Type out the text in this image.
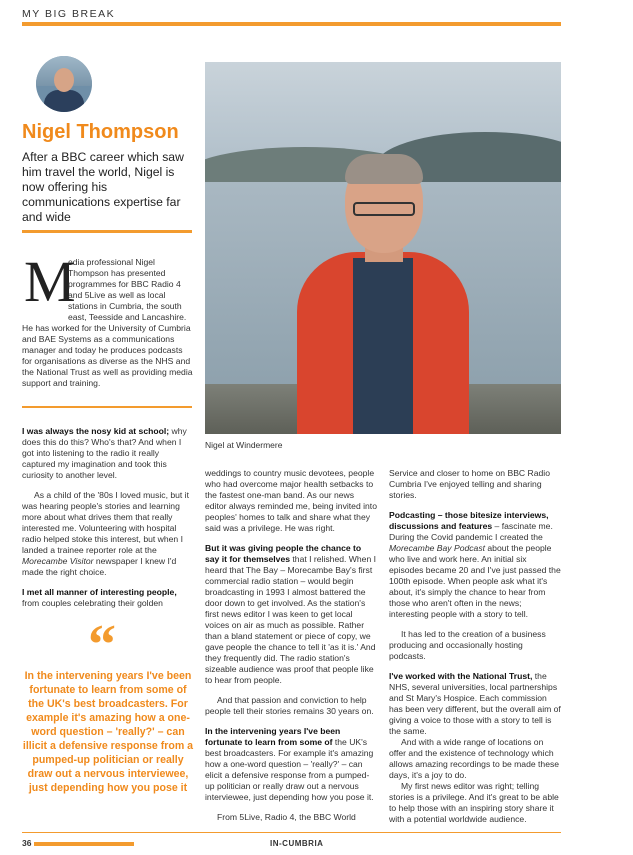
MY BIG BREAK
Nigel Thompson
After a BBC career which saw him travel the world, Nigel is now offering his communications expertise far and wide
M
edia professional Nigel Thompson has presented programmes for BBC Radio 4 and 5Live as well as local stations in Cumbria, the south east, Teesside and Lancashire. He has worked for the University of Cumbria and BAE Systems as a communications manager and today he produces podcasts for organisations as diverse as the NHS and the National Trust as well as providing media support and training.
Nigel at Windermere

I was always the nosy kid at school; why does this do this? Who's that? And when I got into listening to the radio it really captured my imagination and took this curiosity to another level.

As a child of the '80s I loved music, but it was hearing people's stories and learning more about what drives them that really interested me. Volunteering with hospital radio helped stoke this interest, but when I landed a trainee reporter role at the Morecambe Visitor newspaper I knew I'd made the right choice.

I met all manner of interesting people, from couples celebrating their golden

“
In the intervening years I've been fortunate to learn from some of the UK's best broadcasters. For example it's amazing how a one-word question – 'really?' – can illicit a defensive response from a pumped-up politician or really draw out a nervous interviewee, just depending how you pose it

weddings to country music devotees, people who had overcome major health setbacks to the fastest one-man band. As our news editor always reminded me, being invited into peoples' homes to talk and share what they said was a privilege. He was right.

But it was giving people the chance to say it for themselves that I relished. When I heard that The Bay – Morecambe Bay's first commercial radio station – would begin broadcasting in 1993 I almost battered the door down to get involved. As the station's first news editor I was keen to get local voices on air as much as possible. Rather than a bland statement or piece of copy, we gave people the chance to tell it 'as it is.' And they frequently did. The radio station's sizeable audience was proof that people like to hear from people.

And that passion and conviction to help people tell their stories remains 30 years on.

In the intervening years I've been fortunate to learn from some of the UK's best broadcasters. For example it's amazing how a one-word question – 'really?' – can elicit a defensive response from a pumped-up politician or really draw out a nervous interviewee, just depending how you pose it.

From 5Live, Radio 4, the BBC World

Service and closer to home on BBC Radio Cumbria I've enjoyed telling and sharing stories.

Podcasting – those bitesize interviews, discussions and features – fascinate me. During the Covid pandemic I created the Morecambe Bay Podcast about the people who live and work here. An initial six episodes became 20 and I've just passed the 100th episode. When people ask what it's about, it's simply the chance to hear from those who aren't often in the news; interesting people with a story to tell.

It has led to the creation of a business producing and occasionally hosting podcasts.

I've worked with the National Trust, the NHS, several universities, local partnerships and St Mary's Hospice. Each commission has been very different, but the overall aim of giving a voice to those with a story to tell is the same.

And with a wide range of locations on offer and the existence of technology which allows amazing recordings to be made these days, it's a joy to do.

My first news editor was right; telling stories is a privilege. And it's great to be able to help those with an inspiring story share it with a potential worldwide audience.

36	IN-CUMBRIA
